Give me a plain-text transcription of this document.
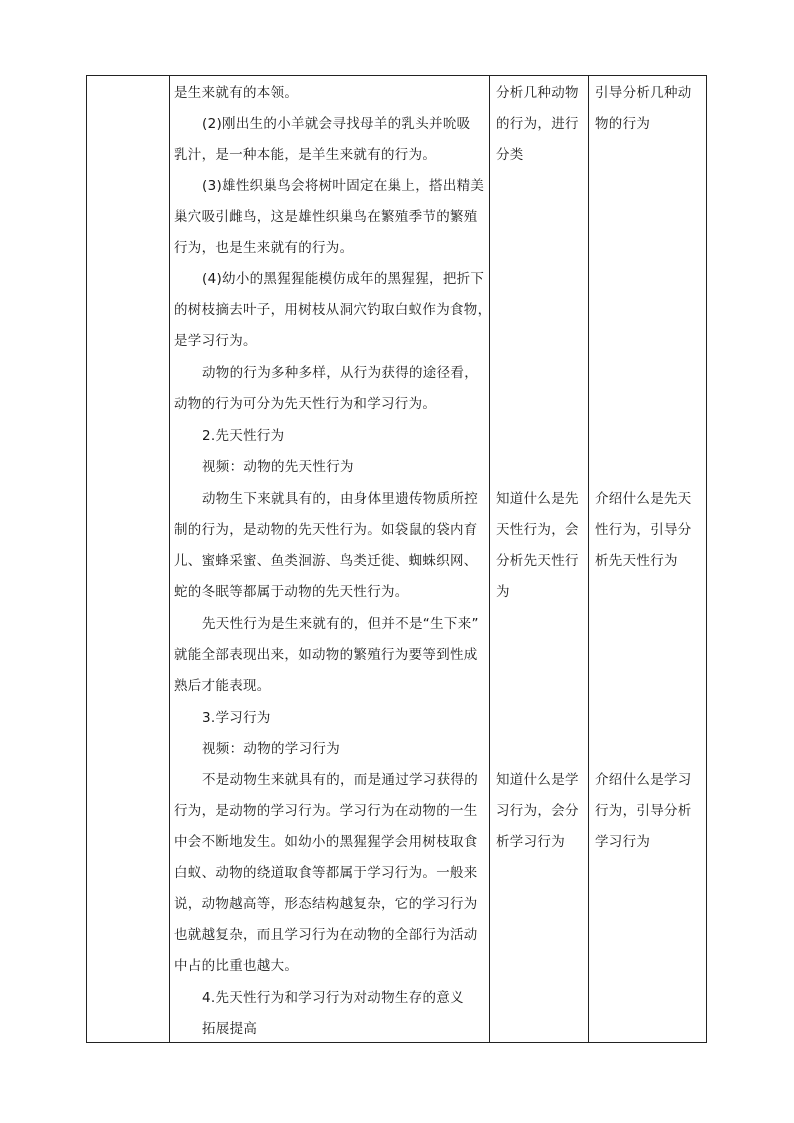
是生来就有的本领。
(2)刚出生的小羊就会寻找母羊的乳头并吮吸
乳汁，是一种本能，是羊生来就有的行为。
(3)雄性织巢鸟会将树叶固定在巢上，搭出精美
巢穴吸引雌鸟，这是雄性织巢鸟在繁殖季节的繁殖
行为，也是生来就有的行为。
(4)幼小的黑猩猩能模仿成年的黑猩猩，把折下
的树枝摘去叶子，用树枝从洞穴钓取白蚁作为食物，
是学习行为。
动物的行为多种多样，从行为获得的途径看，
动物的行为可分为先天性行为和学习行为。
2.先天性行为
视频：动物的先天性行为
动物生下来就具有的，由身体里遗传物质所控
制的行为，是动物的先天性行为。如袋鼠的袋内育
儿、蜜蜂采蜜、鱼类洄游、鸟类迁徙、蜘蛛织网、
蛇的冬眠等都属于动物的先天性行为。
先天性行为是生来就有的，但并不是“生下来”
就能全部表现出来，如动物的繁殖行为要等到性成
熟后才能表现。
3.学习行为
视频：动物的学习行为
不是动物生来就具有的，而是通过学习获得的
行为，是动物的学习行为。学习行为在动物的一生
中会不断地发生。如幼小的黑猩猩学会用树枝取食
白蚁、动物的绕道取食等都属于学习行为。一般来
说，动物越高等，形态结构越复杂，它的学习行为
也就越复杂，而且学习行为在动物的全部行为活动
中占的比重也越大。
4.先天性行为和学习行为对动物生存的意义
拓展提高
分析几种动物
的行为，进行
分类
知道什么是先
天性行为，会
分析先天性行
为
知道什么是学
习行为，会分
析学习行为
引导分析几种动
物的行为
介绍什么是先天
性行为，引导分
析先天性行为
介绍什么是学习
行为，引导分析
学习行为
